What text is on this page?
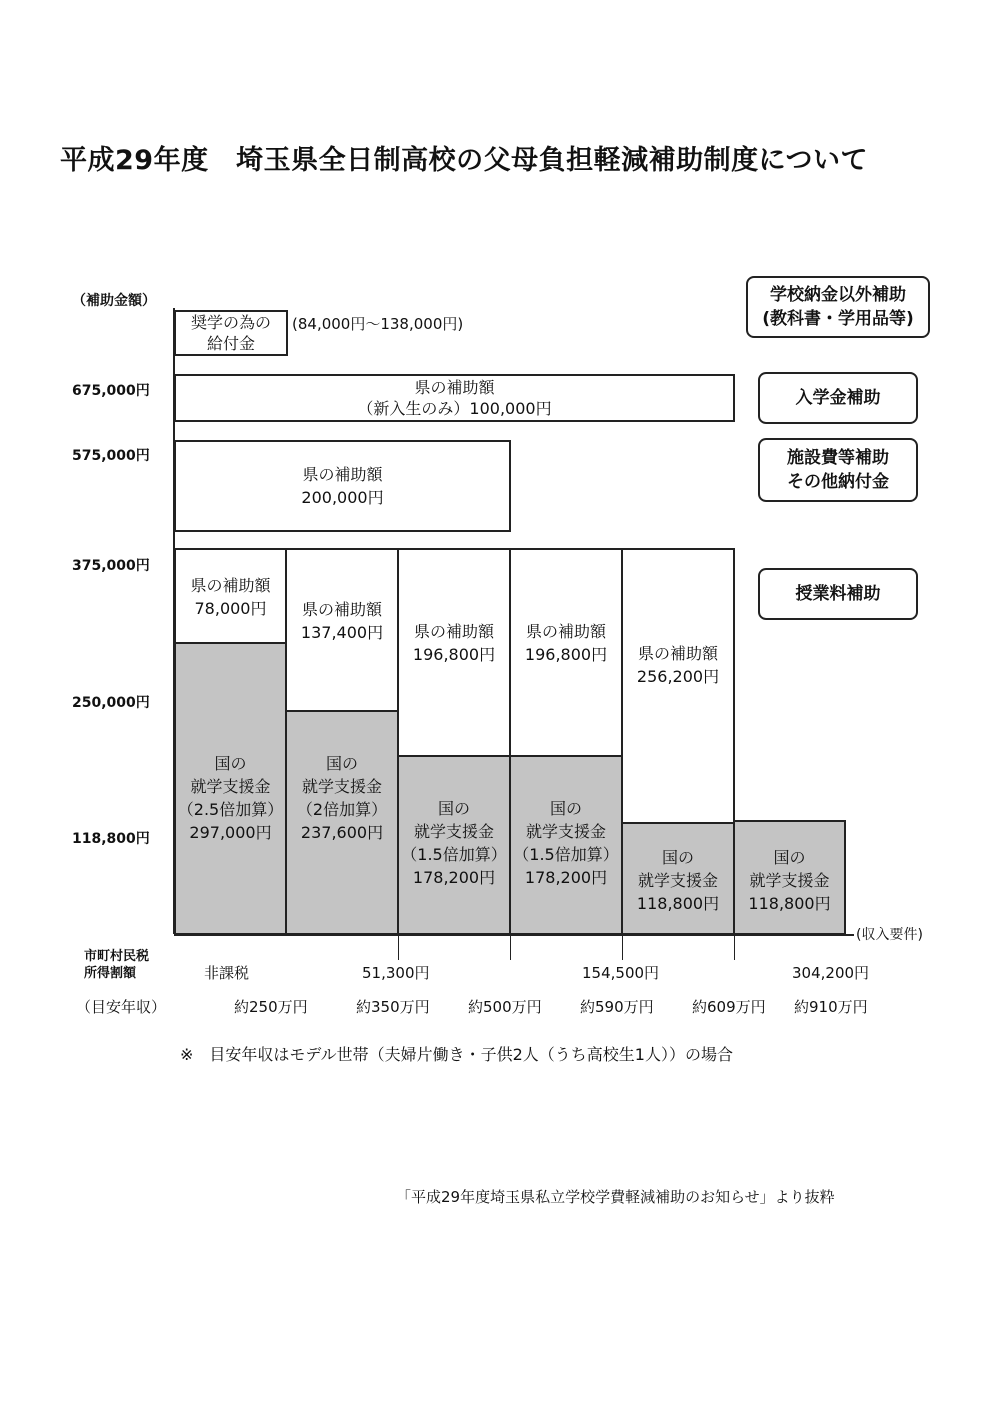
平成29年度　埼玉県全日制高校の父母負担軽減補助制度について
（補助金額）
675,000円
575,000円
375,000円
250,000円
118,800円
奨学の為の
給付金
(84,000円～138,000円)
県の補助額
（新入生のみ）100,000円
県の補助額
200,000円
県の補助額
78,000円 県の補助額
137,400円 県の補助額
196,800円
県の補助額
196,800円 県の補助額
256,200円
国の
就学支援金
（2.5倍加算）
297,000円
国の
就学支援金
（2倍加算）
237,600円
国の
就学支援金
（1.5倍加算）
178,200円
国の
就学支援金
（1.5倍加算）
178,200円
国の
就学支援金
118,800円
国の
就学支援金
118,800円
学校納金以外補助
(教科書・学用品等)
入学金補助
施設費等補助
その他納付金
授業料補助
(収入要件)
市町村民税
所得割額	非課税	51,300円	154,500円	304,200円
（目安年収）	約250万円	約350万円	約500万円	約590万円	約609万円 約910万円
※　目安年収はモデル世帯（夫婦片働き・子供2人（うち高校生1人））の場合
「平成29年度埼玉県私立学校学費軽減補助のお知らせ」より抜粋
